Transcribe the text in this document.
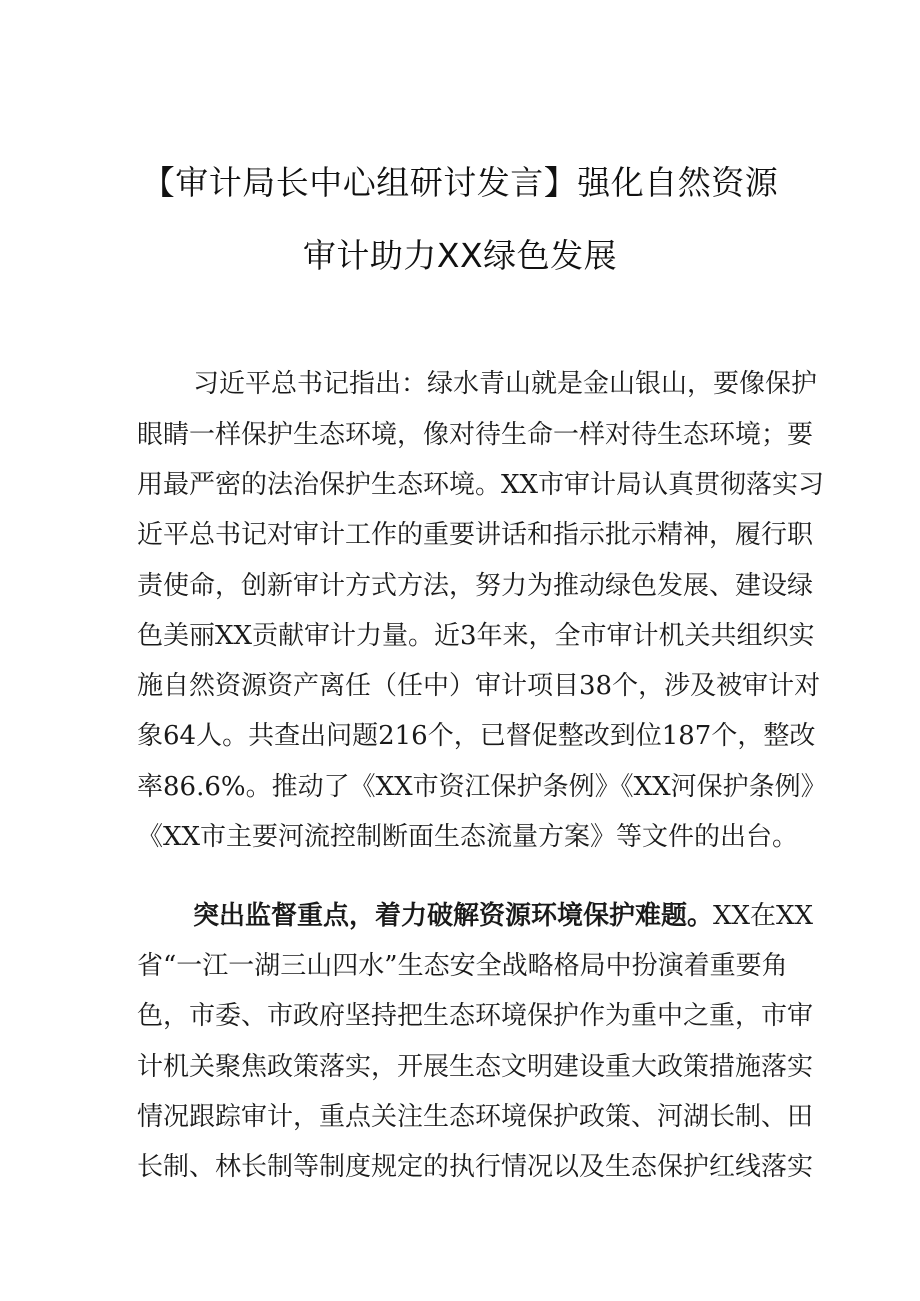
【审计局长中心组研讨发言】强化自然资源
审计助力XX绿色发展
习近平总书记指出：绿水青山就是金山银山，要像保护
眼睛一样保护生态环境，像对待生命一样对待生态环境；要
用最严密的法治保护生态环境。XX市审计局认真贯彻落实习
近平总书记对审计工作的重要讲话和指示批示精神，履行职
责使命，创新审计方式方法，努力为推动绿色发展、建设绿
色美丽XX贡献审计力量。近3年来，全市审计机关共组织实
施自然资源资产离任（任中）审计项目38个，涉及被审计对
象64人。共查出问题216个，已督促整改到位187个，整改
率86.6%。推动了《XX市资江保护条例》《XX河保护条例》
《XX市主要河流控制断面生态流量方案》等文件的出台。
突出监督重点，着力破解资源环境保护难题。XX在XX
省“一江一湖三山四水”生态安全战略格局中扮演着重要角
色，市委、市政府坚持把生态环境保护作为重中之重，市审
计机关聚焦政策落实，开展生态文明建设重大政策措施落实
情况跟踪审计，重点关注生态环境保护政策、河湖长制、田
长制、林长制等制度规定的执行情况以及生态保护红线落实
